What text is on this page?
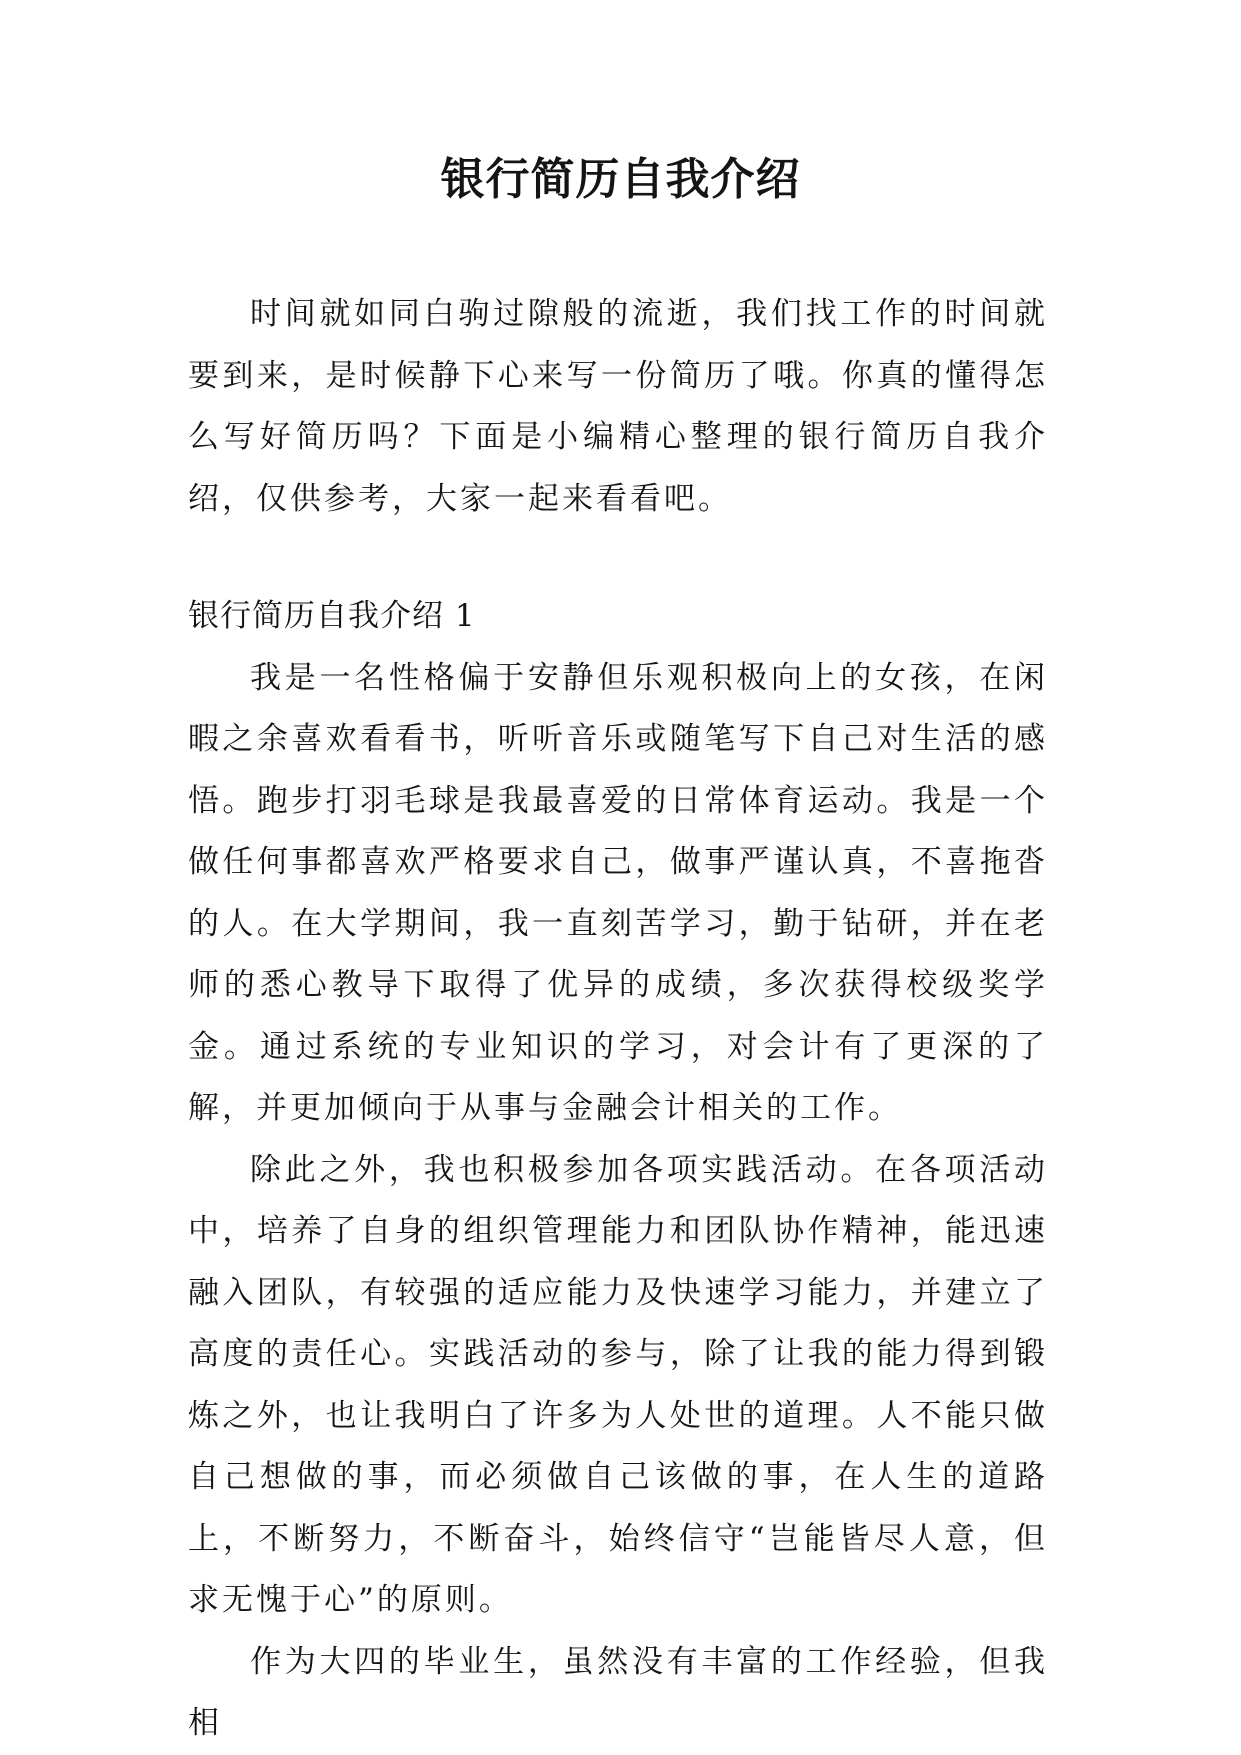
银行简历自我介绍

时间就如同白驹过隙般的流逝，我们找工作的时间就要到来，是时候静下心来写一份简历了哦。你真的懂得怎么写好简历吗？下面是小编精心整理的银行简历自我介绍，仅供参考，大家一起来看看吧。

银行简历自我介绍 1

我是一名性格偏于安静但乐观积极向上的女孩，在闲暇之余喜欢看看书，听听音乐或随笔写下自己对生活的感悟。跑步打羽毛球是我最喜爱的日常体育运动。我是一个做任何事都喜欢严格要求自己，做事严谨认真，不喜拖沓的人。在大学期间，我一直刻苦学习，勤于钻研，并在老师的悉心教导下取得了优异的成绩，多次获得校级奖学金。通过系统的专业知识的学习，对会计有了更深的了解，并更加倾向于从事与金融会计相关的工作。

除此之外，我也积极参加各项实践活动。在各项活动中，培养了自身的组织管理能力和团队协作精神，能迅速融入团队，有较强的适应能力及快速学习能力，并建立了高度的责任心。实践活动的参与，除了让我的能力得到锻炼之外，也让我明白了许多为人处世的道理。人不能只做自己想做的事，而必须做自己该做的事，在人生的道路上，不断努力，不断奋斗，始终信守“岂能皆尽人意，但求无愧于心”的原则。

作为大四的毕业生，虽然没有丰富的工作经验，但我相
